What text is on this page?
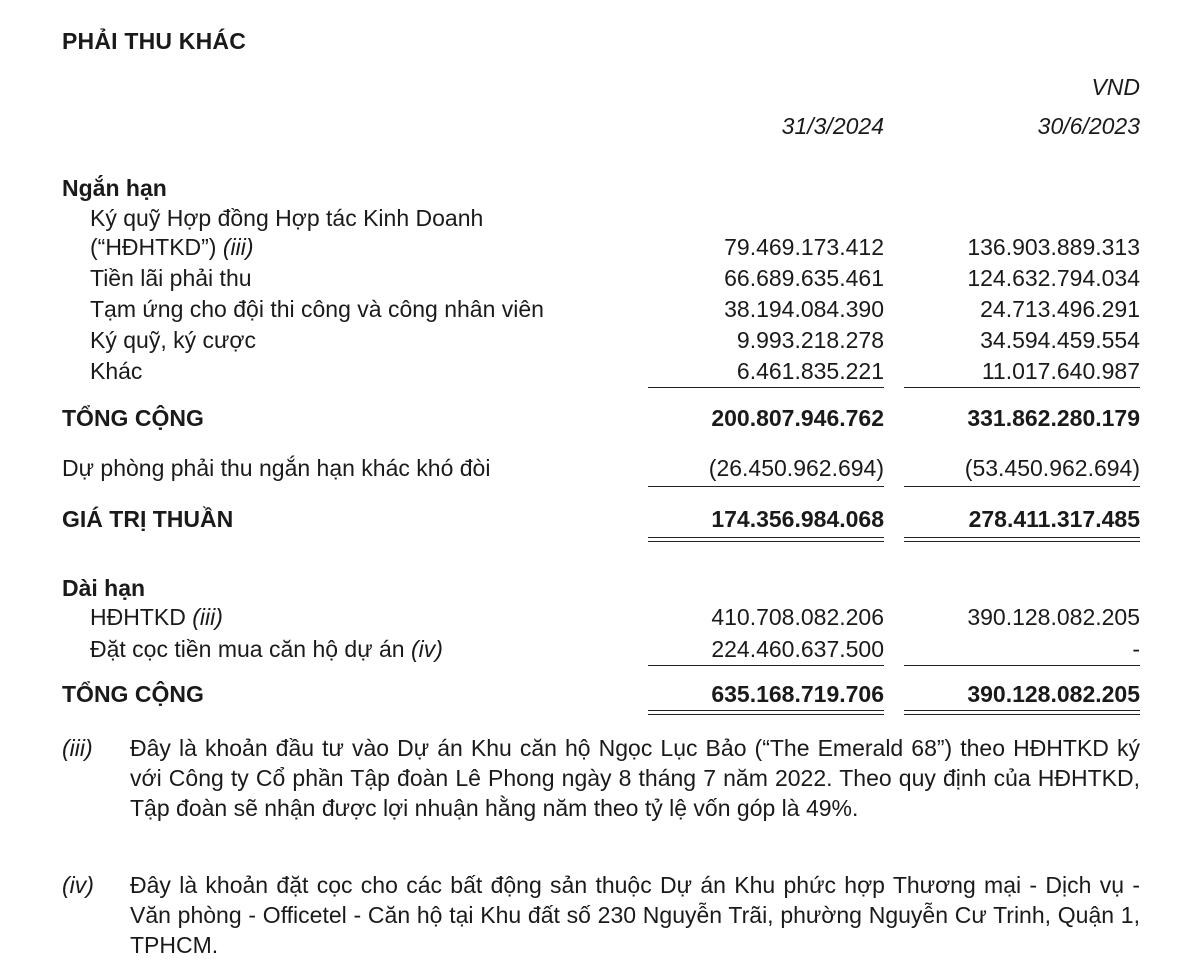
PHẢI THU KHÁC
VND
31/3/2024	30/6/2023
Ngắn hạn
Ký quỹ Hợp đồng Hợp tác Kinh Doanh
(“HĐHTKD”) (iii)	79.469.173.412	136.903.889.313
Tiền lãi phải thu	66.689.635.461	124.632.794.034
Tạm ứng cho đội thi công và công nhân viên	38.194.084.390	24.713.496.291
Ký quỹ, ký cược	9.993.218.278	34.594.459.554
Khác	6.461.835.221	11.017.640.987
TỔNG CỘNG	200.807.946.762	331.862.280.179
Dự phòng phải thu ngắn hạn khác khó đòi	(26.450.962.694)	(53.450.962.694)
GIÁ TRỊ THUẦN	174.356.984.068	278.411.317.485
Dài hạn
HĐHTKD (iii)	410.708.082.206	390.128.082.205
Đặt cọc tiền mua căn hộ dự án (iv)	224.460.637.500	-
TỔNG CỘNG	635.168.719.706	390.128.082.205
(iii) Đây là khoản đầu tư vào Dự án Khu căn hộ Ngọc Lục Bảo (“The Emerald 68”) theo HĐHTKD ký với Công ty Cổ phần Tập đoàn Lê Phong ngày 8 tháng 7 năm 2022. Theo quy định của HĐHTKD, Tập đoàn sẽ nhận được lợi nhuận hằng năm theo tỷ lệ vốn góp là 49%.
(iv) Đây là khoản đặt cọc cho các bất động sản thuộc Dự án Khu phức hợp Thương mại - Dịch vụ - Văn phòng - Officetel - Căn hộ tại Khu đất số 230 Nguyễn Trãi, phường Nguyễn Cư Trinh, Quận 1, TPHCM.
